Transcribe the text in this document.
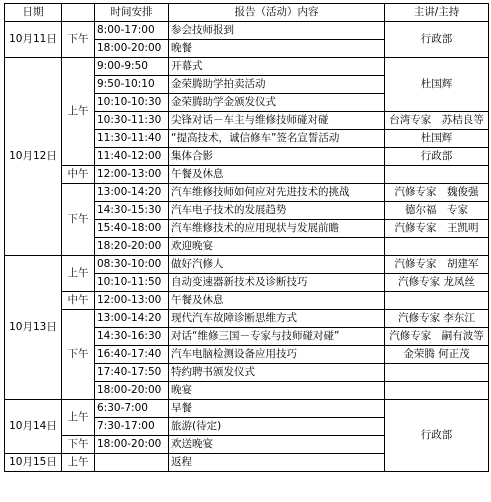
日期		时间安排	报告（活动）内容	主讲/主持
10月11日	下午	8:00-17:00	参会技师报到	行政部
		18:00-20:00	晚餐	
10月12日	上午	9:00-9:50	开幕式	杜国辉
		9:50-10:10	金荣腾助学拍卖活动	
		10:10-10:30	金荣腾助学金颁发仪式	
		10:30-11:30	尖锋对话－车主与维修技师碰对碰	台湾专家　苏桔良等
		11:30-11:40	“提高技术，诚信修车”签名宣誓活动	杜国辉
		11:40-12:00	集体合影	行政部
	中午	12:00-13:00	午餐及休息	
	下午	13:00-14:20	汽车维修技师如何应对先进技术的挑战	汽修专家　魏俊强
		14:30-15:30	汽车电子技术的发展趋势	德尔福　专家
		15:40-18:00	汽车维修技术的应用现状与发展前瞻	汽修专家　王凯明
		18:20-20:00	欢迎晚宴	
10月13日	上午	08:30-10:00	做好汽修人	汽修专家　胡建军
		10:10-11:50	自动变速器新技术及诊断技巧	汽修专家 龙凤丝
	中午	12:00-13:00	午餐及休息	
	下午	13:00-14:20	现代汽车故障诊断思维方式	汽修专家 李东江
		14:30-16:30	对话“维修三国－专家与技师碰对碰”	汽修专家　嗣有波等
		16:40-17:40	汽车电脑检测设备应用技巧	金荣腾 何正茂
		17:40-17:50	特约聘书颁发仪式	
		18:00-20:00	晚宴	
10月14日	上午	6:30-7:00	早餐	行政部
		7:30-17:00	旅游(待定)	
	下午	18:00-20:00	欢送晚宴	
10月15日	上午		返程	
